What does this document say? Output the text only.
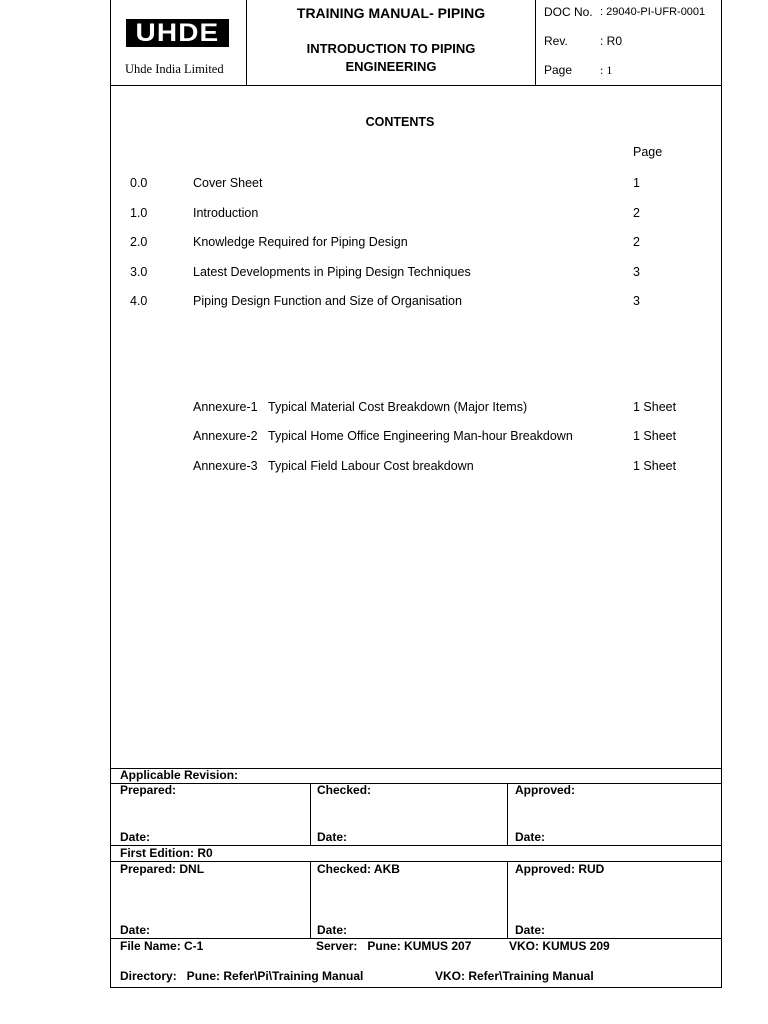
UHDE
Uhde India Limited
TRAINING MANUAL- PIPING
INTRODUCTION TO PIPING
ENGINEERING
DOC No. : 29040-PI-UFR-0001
Rev.	: R0
Page : 1
CONTENTS
Page
0.0	Cover Sheet	1
1.0	Introduction	2
2.0	Knowledge Required for Piping Design	2
3.0	Latest Developments in Piping Design Techniques	3
4.0	Piping Design Function and Size of Organisation	3
Annexure-1 Typical Material Cost Breakdown (Major Items)	1 Sheet
Annexure-2 Typical Home Office Engineering Man-hour Breakdown	1 Sheet
Annexure-3 Typical Field Labour Cost breakdown	1 Sheet
Applicable Revision:
Prepared:	Checked:	Approved:
Date:	Date:	Date:
First Edition: R0
Prepared: DNL	Checked: AKB	Approved: RUD
Date:	Date:	Date:
File Name: C-1	Server:   Pune: KUMUS 207	VKO: KUMUS 209
Directory:   Pune: Refer\Pi\Training Manual	VKO: Refer\Training Manual
